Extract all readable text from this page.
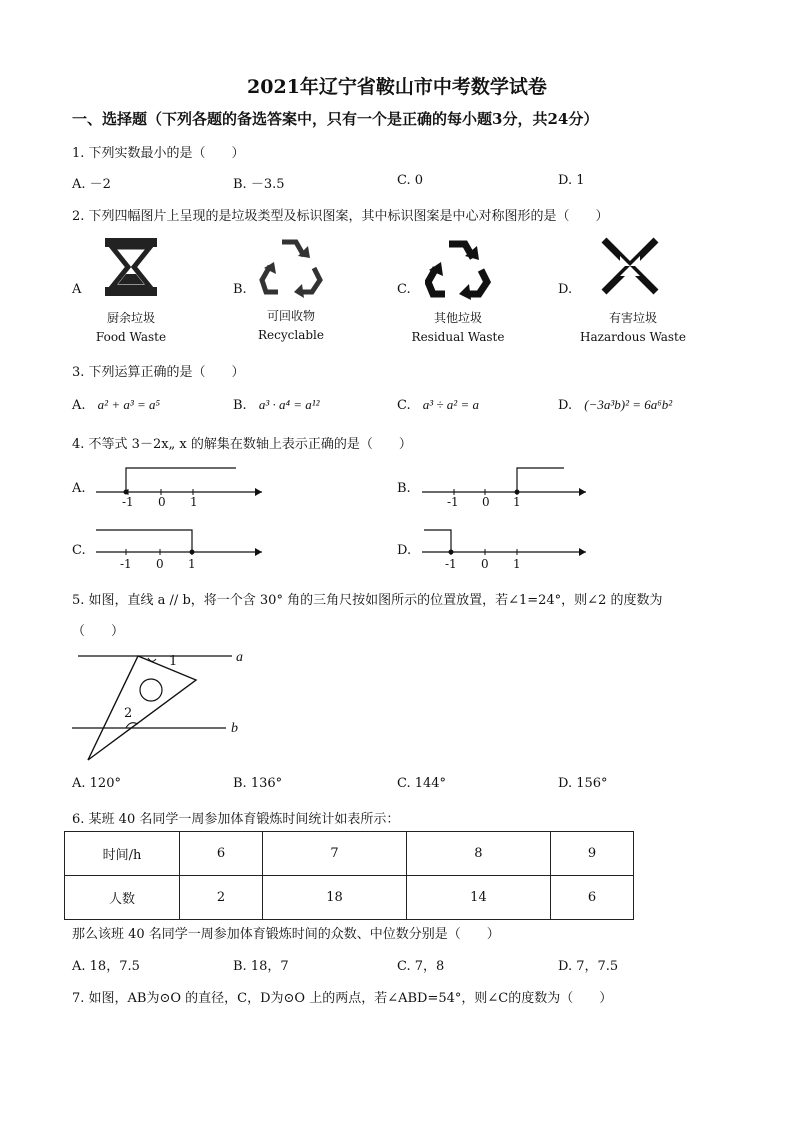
2021年辽宁省鞍山市中考数学试卷
一、选择题（下列各题的备选答案中，只有一个是正确的每小题3分，共24分）
1. 下列实数最小的是（　　）
A. －2	B. －3.5	C. 0	D. 1
2. 下列四幅图片上呈现的是垃圾类型及标识图案，其中标识图案是中心对称图形的是（　　）
A	B.	C.	D.
厨余垃圾
Food Waste
可回收物
Recyclable
其他垃圾
Residual Waste
有害垃圾
Hazardous Waste
3. 下列运算正确的是（　　）
A. a² + a³ = a⁵	B. a³ · a⁴ = a¹²	C. a³ ÷ a² = a	D. (−3a³b)² = 6a⁶b²
4. 不等式 3－2x„ x 的解集在数轴上表示正确的是（　　）
A.	B.
C.	D.
-1 0 1	-1 0 1
-1 0 1	-1 0 1
5. 如图，直线 a // b，将一个含 30° 角的三角尺按如图所示的位置放置，若∠1=24°，则∠2 的度数为
（　　）
a
b
1
2
A. 120°	B. 136°	C. 144°	D. 156°
6. 某班 40 名同学一周参加体育锻炼时间统计如表所示：
时间/h	6	7	8	9
人数	2	18	14	6
那么该班 40 名同学一周参加体育锻炼时间的众数、中位数分别是（　　）
A. 18，7.5	B. 18，7	C. 7，8	D. 7，7.5
7. 如图，AB为⊙O 的直径，C，D为⊙O 上的两点，若∠ABD=54°，则∠C的度数为（　　）
